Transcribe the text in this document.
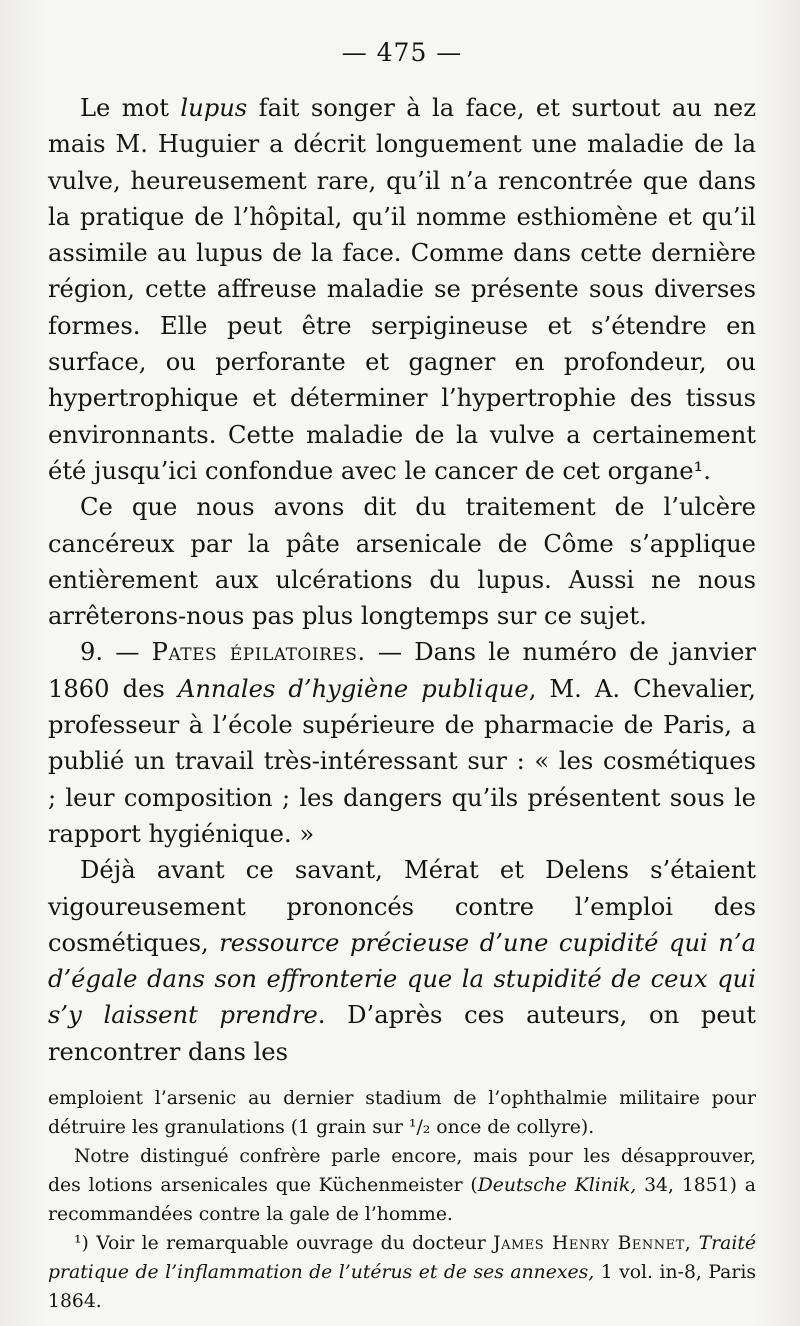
— 475 —

Le mot lupus fait songer à la face, et surtout au nez mais M. Huguier a décrit longuement une maladie de la vulve, heureusement rare, qu’il n’a rencontrée que dans la pratique de l’hôpital, qu’il nomme esthiomène et qu’il assimile au lupus de la face. Comme dans cette dernière région, cette affreuse maladie se présente sous diverses formes. Elle peut être serpigineuse et s’étendre en surface, ou perforante et gagner en profondeur, ou hypertrophique et déterminer l’hypertrophie des tissus environnants. Cette maladie de la vulve a certainement été jusqu’ici confondue avec le cancer de cet organe¹.

Ce que nous avons dit du traitement de l’ulcère cancéreux par la pâte arsenicale de Côme s’applique entièrement aux ulcérations du lupus. Aussi ne nous arrêterons-nous pas plus longtemps sur ce sujet.

9. — Pates épilatoires. — Dans le numéro de janvier 1860 des Annales d’hygiène publique, M. A. Chevalier, professeur à l’école supérieure de pharmacie de Paris, a publié un travail très-intéressant sur : « les cosmétiques ; leur composition ; les dangers qu’ils présentent sous le rapport hygiénique. »

Déjà avant ce savant, Mérat et Delens s’étaient vigoureusement prononcés contre l’emploi des cosmétiques, ressource précieuse d’une cupidité qui n’a d’égale dans son effronterie que la stupidité de ceux qui s’y laissent prendre. D’après ces auteurs, on peut rencontrer dans les

emploient l’arsenic au dernier stadium de l’ophthalmie militaire pour détruire les granulations (1 grain sur ¹/₂ once de collyre).

Notre distingué confrère parle encore, mais pour les désapprouver, des lotions arsenicales que Küchenmeister (Deutsche Klinik, 34, 1851) a recommandées contre la gale de l’homme.

¹) Voir le remarquable ouvrage du docteur James Henry Bennet, Traité pratique de l’inflammation de l’utérus et de ses annexes, 1 vol. in-8, Paris 1864.
